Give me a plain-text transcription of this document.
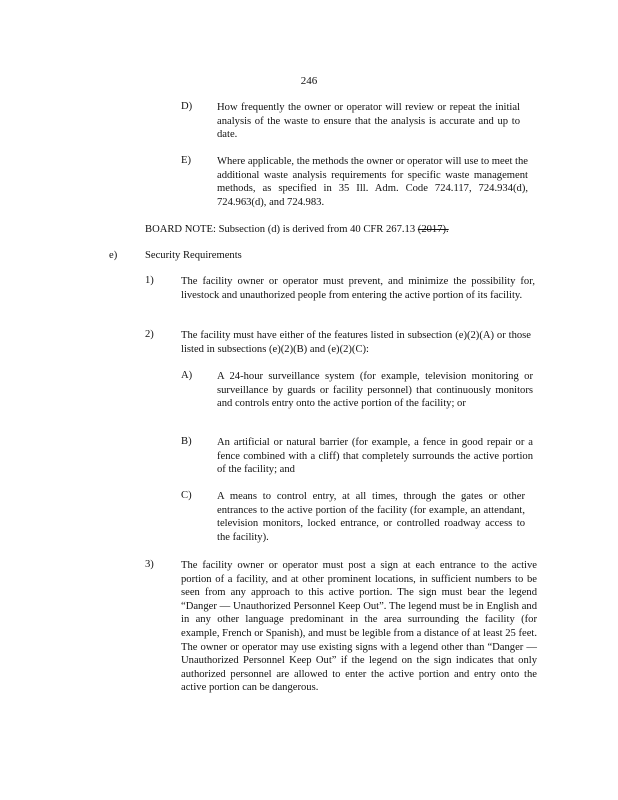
246
D) How frequently the owner or operator will review or repeat the initial analysis of the waste to ensure that the analysis is accurate and up to date.
E) Where applicable, the methods the owner or operator will use to meet the additional waste analysis requirements for specific waste management methods, as specified in 35 Ill. Adm. Code 724.117, 724.934(d), 724.963(d), and 724.983.
BOARD NOTE: Subsection (d) is derived from 40 CFR 267.13 (2017).
e)	Security Requirements
1)	The facility owner or operator must prevent, and minimize the possibility for, livestock and unauthorized people from entering the active portion of its facility.
2)	The facility must have either of the features listed in subsection (e)(2)(A) or those listed in subsections (e)(2)(B) and (e)(2)(C):
A) A 24-hour surveillance system (for example, television monitoring or surveillance by guards or facility personnel) that continuously monitors and controls entry onto the active portion of the facility; or
B) An artificial or natural barrier (for example, a fence in good repair or a fence combined with a cliff) that completely surrounds the active portion of the facility; and
C) A means to control entry, at all times, through the gates or other entrances to the active portion of the facility (for example, an attendant, television monitors, locked entrance, or controlled roadway access to the facility).
3)	The facility owner or operator must post a sign at each entrance to the active portion of a facility, and at other prominent locations, in sufficient numbers to be seen from any approach to this active portion. The sign must bear the legend “Danger — Unauthorized Personnel Keep Out”. The legend must be in English and in any other language predominant in the area surrounding the facility (for example, French or Spanish), and must be legible from a distance of at least 25 feet. The owner or operator may use existing signs with a legend other than “Danger — Unauthorized Personnel Keep Out” if the legend on the sign indicates that only authorized personnel are allowed to enter the active portion and entry onto the active portion can be dangerous.
